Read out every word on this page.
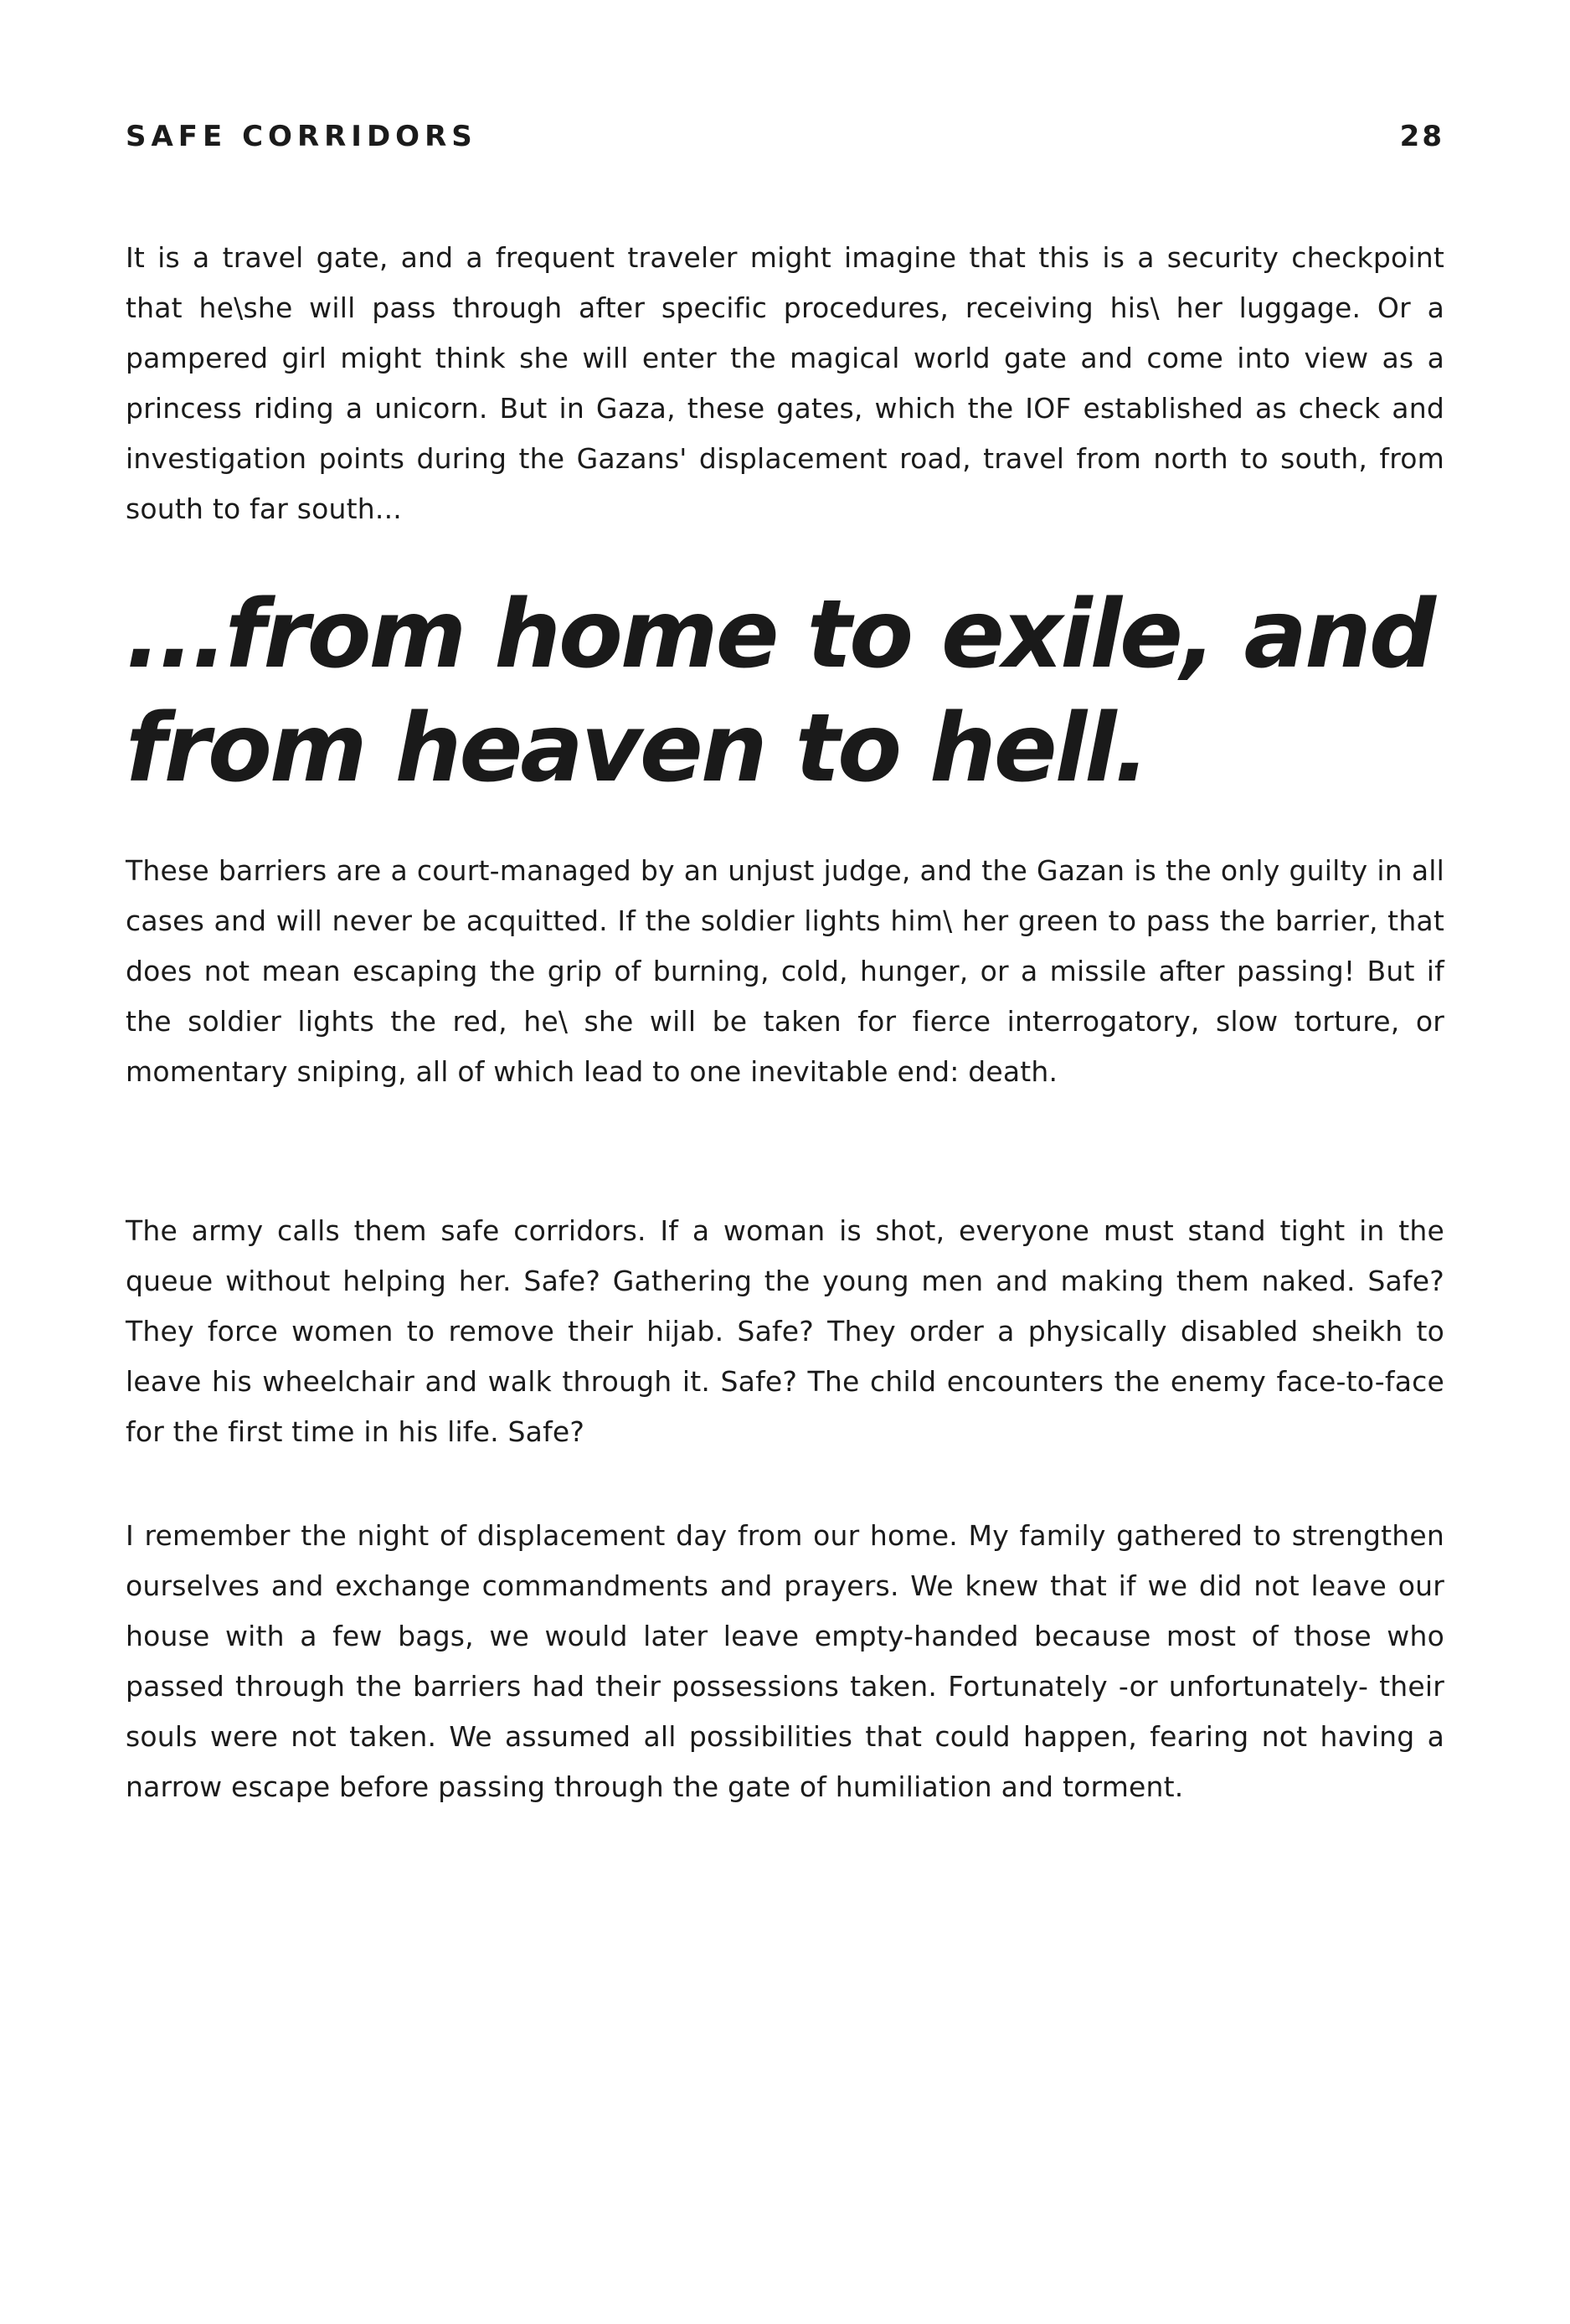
SAFE CORRIDORS	28

It is a travel gate, and a frequent traveler might imagine that this is a security checkpoint that he\she will pass through after specific procedures, receiving his\ her luggage. Or a pampered girl might think she will enter the magical world gate and come into view as a princess riding a unicorn. But in Gaza, these gates, which the IOF established as check and investigation points during the Gazans' displacement road, travel from north to south, from south to far south...

...from home to exile, and from heaven to hell.

These barriers are a court-managed by an unjust judge, and the Gazan is the only guilty in all cases and will never be acquitted. If the soldier lights him\ her green to pass the barrier, that does not mean escaping the grip of burning, cold, hunger, or a missile after passing! But if the soldier lights the red, he\ she will be taken for fierce interrogatory, slow torture, or momentary sniping, all of which lead to one inevitable end: death.

The army calls them safe corridors. If a woman is shot, everyone must stand tight in the queue without helping her. Safe? Gathering the young men and making them naked. Safe? They force women to remove their hijab. Safe? They order a physically disabled sheikh to leave his wheelchair and walk through it. Safe? The child encounters the enemy face-to-face for the first time in his life. Safe?

I remember the night of displacement day from our home. My family gathered to strengthen ourselves and exchange commandments and prayers. We knew that if we did not leave our house with a few bags, we would later leave empty-handed because most of those who passed through the barriers had their possessions taken. Fortunately -or unfortunately- their souls were not taken. We assumed all possibilities that could happen, fearing not having a narrow escape before passing through the gate of humiliation and torment.
